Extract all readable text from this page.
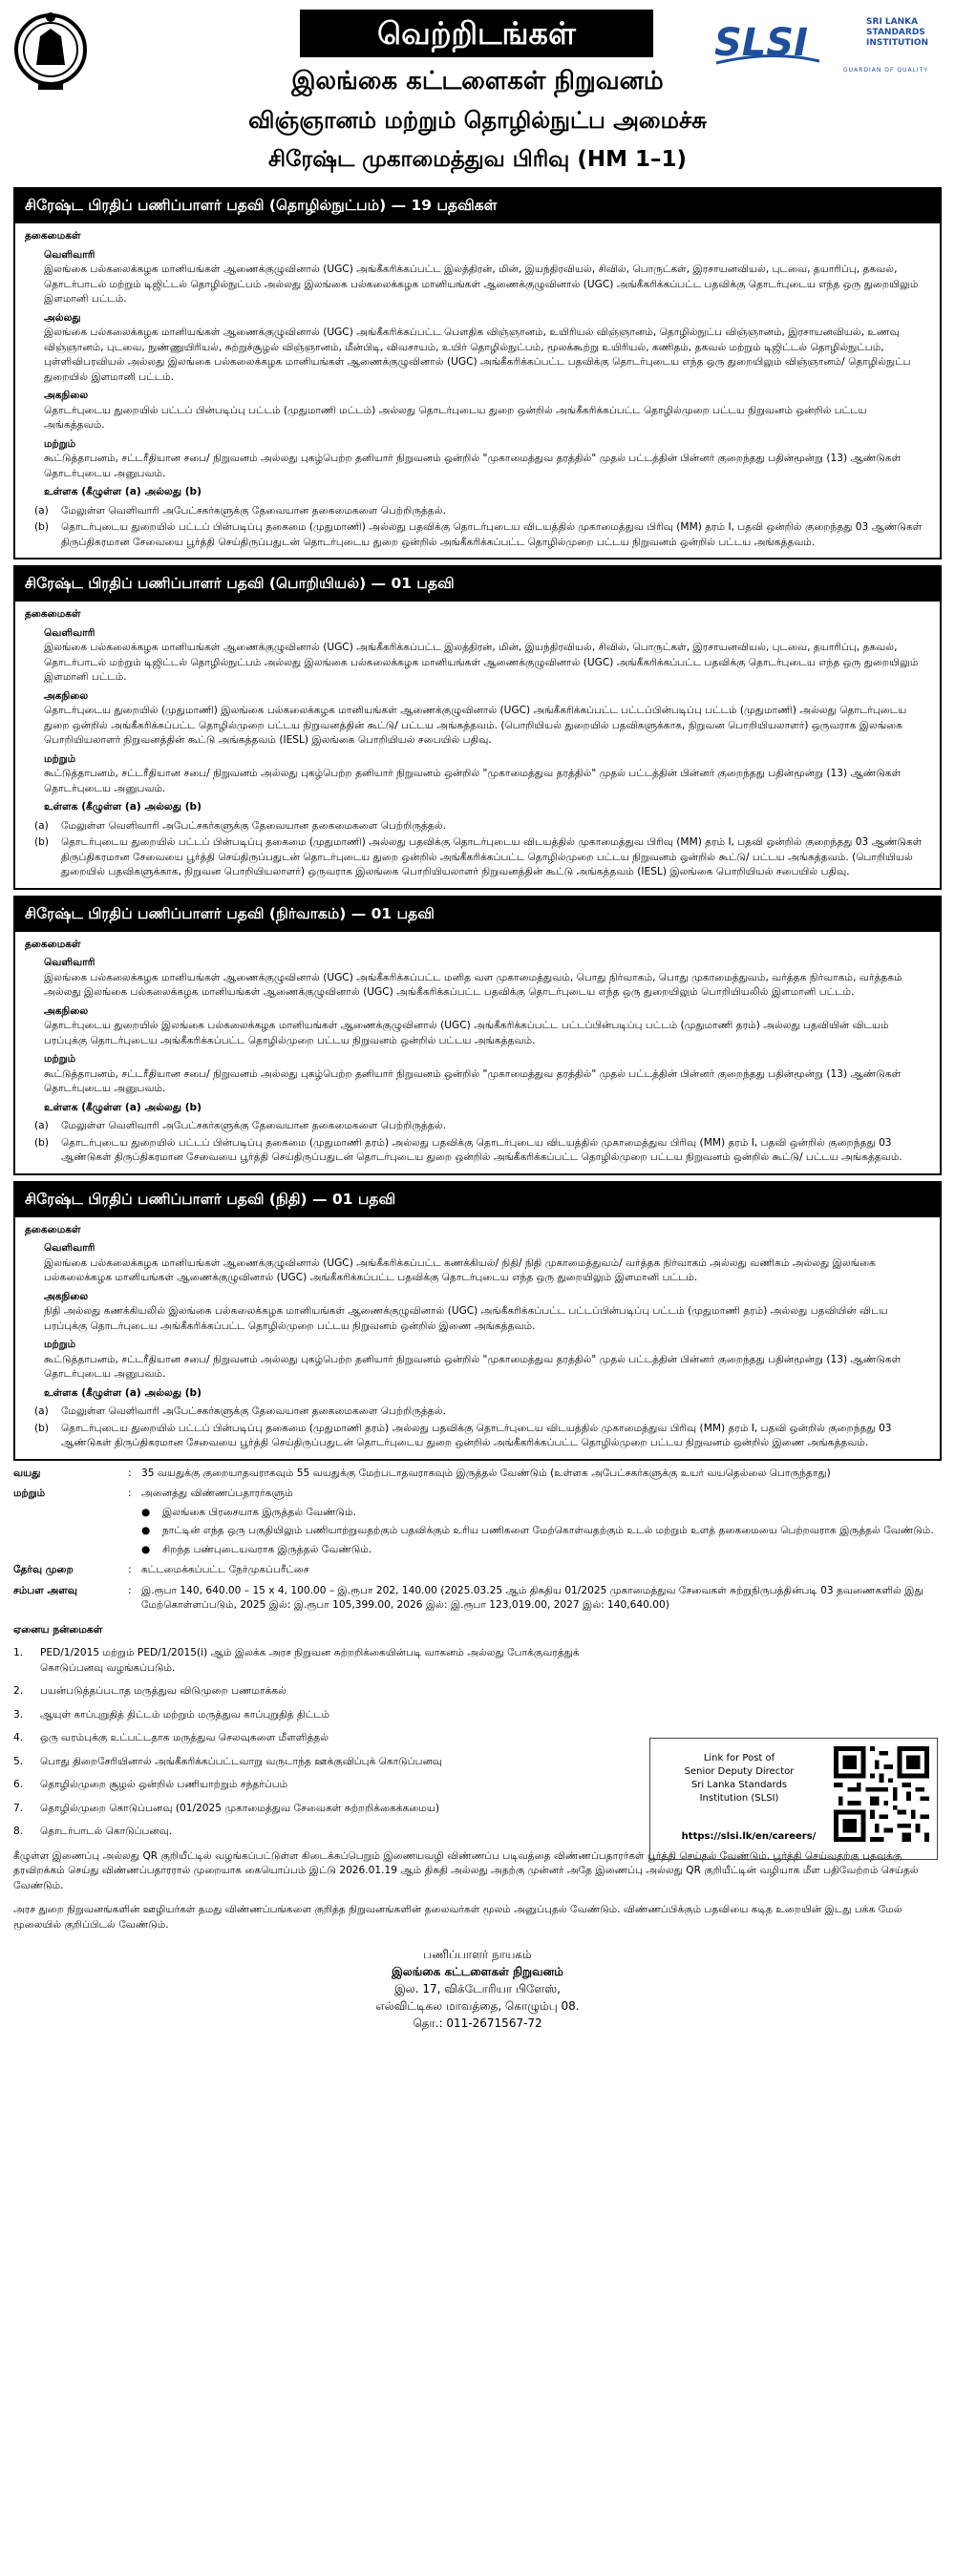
வெற்றிடங்கள்	SLSI	SRI LANKA
STANDARDS
INSTITUTION
GUARDIAN OF QUALITY
இலங்கை கட்டளைகள் நிறுவனம்
விஞ்ஞானம் மற்றும் தொழில்நுட்ப அமைச்சு
சிரேஷ்ட முகாமைத்துவ பிரிவு (HM 1–1)
சிரேஷ்ட பிரதிப் பணிப்பாளர் பதவி (தொழில்நுட்பம்) — 19 பதவிகள்
தகைமைகள்
வெளிவாரி
இலங்கை பல்கலைக்கழக மானியங்கள் ஆணைக்குழுவினால் (UGC) அங்கீகரிக்கப்பட்ட இலத்திரன், மின், இயந்திரவியல், சிவில், பொருட்கள், இரசாயனவியல், புடவை, தயாரிப்பு, தகவல், தொடர்பாடல் மற்றும் டிஜிட்டல் தொழில்நுட்பம் அல்லது இலங்கை பல்கலைக்கழக மானியங்கள் ஆணைக்குழுவினால் (UGC) அங்கீகரிக்கப்பட்ட பதவிக்கு தொடர்புடைய எந்த ஒரு துறையிலும் இளமானி பட்டம்.
அல்லது
இலங்கை பல்கலைக்கழக மானியங்கள் ஆணைக்குழுவினால் (UGC) அங்கீகரிக்கப்பட்ட பௌதிக விஞ்ஞானம், உயிரியல் விஞ்ஞானம், தொழில்நுட்ப விஞ்ஞானம், இரசாயனவியல், உணவு விஞ்ஞானம், புடவை, நுண்ணுயிரியல், சுற்றுச்சூழல் விஞ்ஞானம், மீன்பிடி, விவசாயம், உயிர் தொழில்நுட்பம், மூலக்கூற்று உயிரியல், கணிதம், தகவல் மற்றும் டிஜிட்டல் தொழில்நுட்பம், புள்ளிவிபரவியல் அல்லது இலங்கை பல்கலைக்கழக மானியங்கள் ஆணைக்குழுவினால் (UGC) அங்கீகரிக்கப்பட்ட பதவிக்கு தொடர்புடைய எந்த ஒரு துறையிலும் விஞ்ஞானம்/ தொழில்நுட்ப துறையில் இளமானி பட்டம்.
அகநிலை
தொடர்புடைய துறையில் பட்டப் பின்படிப்பு பட்டம் (முதுமாணி மட்டம்) அல்லது தொடர்புடைய துறை ஒன்றில் அங்கீகரிக்கப்பட்ட தொழில்முறை பட்டய நிறுவனம் ஒன்றில் பட்டய அங்கத்தவம்.
மற்றும்
கூட்டுத்தாபனம், சட்டரீதியான சபை/ நிறுவனம் அல்லது புகழ்பெற்ற தனியார் நிறுவனம் ஒன்றில் "முகாமைத்துவ தரத்தில்" முதல் பட்டத்தின் பின்னர் குறைந்தது பதின்மூன்று (13) ஆண்டுகள் தொடர்புடைய அனுபவம்.
உள்ளக (கீழுள்ள (a) அல்லது (b)
(a)	மேலுள்ள வெளிவாரி அபேட்சகர்களுக்கு தேவையான தகைமைகளை பெற்றிருத்தல்.
(b)	தொடர்புடைய துறையில் பட்டப் பின்படிப்பு தகைமை (முதுமாணி) அல்லது பதவிக்கு தொடர்புடைய விடயத்தில் முகாமைத்துவ பிரிவு (MM) தரம் I, பதவி ஒன்றில் குறைந்தது 03 ஆண்டுகள் திருப்திகரமான சேவையை பூர்த்தி செய்திருப்பதுடன் தொடர்புடைய துறை ஒன்றில் அங்கீகரிக்கப்பட்ட தொழில்முறை பட்டய நிறுவனம் ஒன்றில் பட்டய அங்கத்தவம்.
சிரேஷ்ட பிரதிப் பணிப்பாளர் பதவி (பொறியியல்) — 01 பதவி
தகைமைகள்
வெளிவாரி
இலங்கை பல்கலைக்கழக மானியங்கள் ஆணைக்குழுவினால் (UGC) அங்கீகரிக்கப்பட்ட இலத்திரன், மின், இயந்திரவியல், சிவில், பொருட்கள், இரசாயனவியல், புடவை, தயாரிப்பு, தகவல், தொடர்பாடல் மற்றும் டிஜிட்டல் தொழில்நுட்பம் அல்லது இலங்கை பல்கலைக்கழக மானியங்கள் ஆணைக்குழுவினால் (UGC) அங்கீகரிக்கப்பட்ட பதவிக்கு தொடர்புடைய எந்த ஒரு துறையிலும் இளமானி பட்டம்.
அகநிலை
தொடர்புடைய துறையில் (முதுமாணி) இலங்கை பல்கலைக்கழக மானியங்கள் ஆணைக்குழுவினால் (UGC) அங்கீகரிக்கப்பட்ட பட்டப்பின்படிப்பு பட்டம் (முதுமாணி) அல்லது தொடர்புடைய துறை ஒன்றில் அங்கீகரிக்கப்பட்ட தொழில்முறை பட்டய நிறுவனத்தின் கூட்டு/ பட்டய அங்கத்தவம். (பொறியியல் துறையில் பதவிகளுக்காக, நிறுவன பொறியியலாளர்) ஒருவராக இலங்கை பொறியியலாளர் நிறுவனத்தின் கூட்டு அங்கத்தவம் (IESL) இலங்கை பொறியியல் சபையில் பதிவு.
மற்றும்
கூட்டுத்தாபனம், சட்டரீதியான சபை/ நிறுவனம் அல்லது புகழ்பெற்ற தனியார் நிறுவனம் ஒன்றில் "முகாமைத்துவ தரத்தில்" முதல் பட்டத்தின் பின்னர் குறைந்தது பதின்மூன்று (13) ஆண்டுகள் தொடர்புடைய அனுபவம்.
உள்ளக (கீழுள்ள (a) அல்லது (b)
(a)	மேலுள்ள வெளிவாரி அபேட்சகர்களுக்கு தேவையான தகைமைகளை பெற்றிருத்தல்.
(b)	தொடர்புடைய துறையில் பட்டப் பின்படிப்பு தகைமை (முதுமாணி) அல்லது பதவிக்கு தொடர்புடைய விடயத்தில் முகாமைத்துவ பிரிவு (MM) தரம் I, பதவி ஒன்றில் குறைந்தது 03 ஆண்டுகள் திருப்திகரமான சேவையை பூர்த்தி செய்திருப்பதுடன் தொடர்புடைய துறை ஒன்றில் அங்கீகரிக்கப்பட்ட தொழில்முறை பட்டய நிறுவனம் ஒன்றில் கூட்டு/ பட்டய அங்கத்தவம். (பொறியியல் துறையில் பதவிகளுக்காக, நிறுவன பொறியியலாளர்) ஒருவராக இலங்கை பொறியியலாளர் நிறுவனத்தின் கூட்டு அங்கத்தவம் (IESL) இலங்கை பொறியியல் சபையில் பதிவு.
சிரேஷ்ட பிரதிப் பணிப்பாளர் பதவி (நிர்வாகம்) — 01 பதவி
தகைமைகள்
வெளிவாரி
இலங்கை பல்கலைக்கழக மானியங்கள் ஆணைக்குழுவினால் (UGC) அங்கீகரிக்கப்பட்ட மனித வள முகாமைத்துவம், பொது நிர்வாகம், பொது முகாமைத்துவம், வர்த்தக நிர்வாகம், வர்த்தகம் அல்லது இலங்கை பல்கலைக்கழக மானியங்கள் ஆணைக்குழுவினால் (UGC) அங்கீகரிக்கப்பட்ட பதவிக்கு தொடர்புடைய எந்த ஒரு துறையிலும் பொறியியலில் இளமானி பட்டம்.
அகநிலை
தொடர்புடைய துறையில் இலங்கை பல்கலைக்கழக மானியங்கள் ஆணைக்குழுவினால் (UGC) அங்கீகரிக்கப்பட்ட பட்டப்பின்படிப்பு பட்டம் (முதுமாணி தரம்) அல்லது பதவியின் விடயம் பரப்புக்கு தொடர்புடைய அங்கீகரிக்கப்பட்ட தொழில்முறை பட்டய நிறுவனம் ஒன்றில் பட்டய அங்கத்தவம்.
மற்றும்
கூட்டுத்தாபனம், சட்டரீதியான சபை/ நிறுவனம் அல்லது புகழ்பெற்ற தனியார் நிறுவனம் ஒன்றில் "முகாமைத்துவ தரத்தில்" முதல் பட்டத்தின் பின்னர் குறைந்தது பதின்மூன்று (13) ஆண்டுகள் தொடர்புடைய அனுபவம்.
உள்ளக (கீழுள்ள (a) அல்லது (b)
(a)	மேலுள்ள வெளிவாரி அபேட்சகர்களுக்கு தேவையான தகைமைகளை பெற்றிருத்தல்.
(b)	தொடர்புடைய துறையில் பட்டப் பின்படிப்பு தகைமை (முதுமாணி தரம்) அல்லது பதவிக்கு தொடர்புடைய விடயத்தில் முகாமைத்துவ பிரிவு (MM) தரம் I, பதவி ஒன்றில் குறைந்தது 03 ஆண்டுகள் திருப்திகரமான சேவையை பூர்த்தி செய்திருப்பதுடன் தொடர்புடைய துறை ஒன்றில் அங்கீகரிக்கப்பட்ட தொழில்முறை பட்டய நிறுவனம் ஒன்றில் கூட்டு/ பட்டய அங்கத்தவம்.
சிரேஷ்ட பிரதிப் பணிப்பாளர் பதவி (நிதி) — 01 பதவி
தகைமைகள்
வெளிவாரி
இலங்கை பல்கலைக்கழக மானியங்கள் ஆணைக்குழுவினால் (UGC) அங்கீகரிக்கப்பட்ட கணக்கியல்/ நிதி/ நிதி முகாமைத்துவம்/ வர்த்தக நிர்வாகம் அல்லது வணிகம் அல்லது இலங்கை பல்கலைக்கழக மானியங்கள் ஆணைக்குழுவினால் (UGC) அங்கீகரிக்கப்பட்ட பதவிக்கு தொடர்புடைய எந்த ஒரு துறையிலும் இளமானி பட்டம்.
அகநிலை
நிதி அல்லது கணக்கியலில் இலங்கை பல்கலைக்கழக மானியங்கள் ஆணைக்குழுவினால் (UGC) அங்கீகரிக்கப்பட்ட பட்டப்பின்படிப்பு பட்டம் (முதுமாணி தரம்) அல்லது பதவியின் விடய பரப்புக்கு தொடர்புடைய அங்கீகரிக்கப்பட்ட தொழில்முறை பட்டய நிறுவனம் ஒன்றில் இணை அங்கத்தவம்.
மற்றும்
கூட்டுத்தாபனம், சட்டரீதியான சபை/ நிறுவனம் அல்லது புகழ்பெற்ற தனியார் நிறுவனம் ஒன்றில் "முகாமைத்துவ தரத்தில்" முதல் பட்டத்தின் பின்னர் குறைந்தது பதின்மூன்று (13) ஆண்டுகள் தொடர்புடைய அனுபவம்.
உள்ளக (கீழுள்ள (a) அல்லது (b)
(a)	மேலுள்ள வெளிவாரி அபேட்சகர்களுக்கு தேவையான தகைமைகளை பெற்றிருத்தல்.
(b)	தொடர்புடைய துறையில் பட்டப் பின்படிப்பு தகைமை (முதுமாணி தரம்) அல்லது பதவிக்கு தொடர்புடைய விடயத்தில் முகாமைத்துவ பிரிவு (MM) தரம் I, பதவி ஒன்றில் குறைந்தது 03 ஆண்டுகள் திருப்திகரமான சேவையை பூர்த்தி செய்திருப்பதுடன் தொடர்புடைய துறை ஒன்றில் அங்கீகரிக்கப்பட்ட தொழில்முறை பட்டய நிறுவனம் ஒன்றில் இணை அங்கத்தவம்.
வயது	: 35 வயதுக்கு குறையாதவராகவும் 55 வயதுக்கு மேற்படாதவராகவும் இருத்தல் வேண்டும் (உள்ளக அபேட்சகர்களுக்கு உயர் வயதெல்லை பொருந்தாது)
மற்றும்	: அனைத்து விண்ணப்பதாரர்களும்
●	இலங்கை பிரசையாக இருத்தல் வேண்டும்.
●	நாட்டின் எந்த ஒரு பகுதியிலும் பணியாற்றுவதற்கும் பதவிக்கும் உரிய பணிகளை மேற்கொள்வதற்கும் உடல் மற்றும் உளத் தகைமையை பெற்றவராக இருத்தல் வேண்டும்.
●	சிறந்த பண்புடையவராக இருத்தல் வேண்டும்.
தேர்வு முறை	: கட்டமைக்கப்பட்ட நேர்முகப்பரீட்சை
சம்பள அளவு	: இ.ரூபா 140, 640.00 – 15 x 4, 100.00 – இ.ரூபா 202, 140.00 (2025.03.25 ஆம் திகதிய 01/2025 முகாமைத்துவ சேவைகள் சுற்றுநிருபத்தின்படி 03 தவணைகளில் இது மேற்கொள்ளப்படும், 2025 இல்: இ.ரூபா 105,399.00, 2026 இல்: இ.ரூபா 123,019.00, 2027 இல்: 140,640.00)
ஏனைய நன்மைகள்
1.	PED/1/2015 மற்றும் PED/1/2015(i) ஆம் இலக்க அரச நிறுவன சுற்றறிக்கையின்படி வாகனம் அல்லது போக்குவரத்துக் கொடுப்பனவு வழங்கப்படும்.
2.	பயன்படுத்தப்படாத மருத்துவ விடுமுறை பணமாக்கல்
3.	ஆயுள் காப்புறுதித் திட்டம் மற்றும் மருத்துவ காப்புறுதித் திட்டம்
4.	ஒரு வரம்புக்கு உட்பட்டதாக மருத்துவ செலவுகளை மீளளித்தல்
5.	பொது திறைசேரியினால் அங்கீகரிக்கப்பட்டவாறு வருடாந்த ஊக்குவிப்புக் கொடுப்பனவு
6.	தொழில்முறை சூழல் ஒன்றில் பணியாற்றும் சந்தர்ப்பம்
7.	தொழில்முறை கொடுப்பனவு (01/2025 முகாமைத்துவ சேவைகள் சுற்றறிக்கைக்கமைய)
8.	தொடர்பாடல் கொடுப்பனவு.
Link for Post of
Senior Deputy Director
Sri Lanka Standards
Institution (SLSI)
https://slsi.lk/en/careers/
கீழுள்ள இணைப்பு அல்லது QR குறியீட்டில் வழங்கப்பட்டுள்ள கிடைக்கப்பெறும் இணையவழி விண்ணப்ப படிவத்தை விண்ணப்பதாரர்கள் பூர்த்தி செய்தல் வேண்டும். பூர்த்தி செய்வதற்கு பதவுக்கு தரவிறக்கம் செய்து விண்ணப்பதாரரால் முறையாக கையொப்பம் இட்டு 2026.01.19 ஆம் திகதி அல்லது அதற்கு முன்னர் அதே இணைப்பு அல்லது QR குறியீட்டின் வழியாக மீள பதிவேற்றம் செய்தல் வேண்டும்.
அரச துறை நிறுவனங்களின் ஊழியர்கள் தமது விண்ணப்பங்களை குறித்த நிறுவனங்களின் தலைவர்கள் மூலம் அனுப்புதல் வேண்டும். விண்ணப்பிக்கும் பதவியை கடித உறையின் இடது பக்க மேல் மூலையில் குறிப்பிடல் வேண்டும்.
பணிப்பாளர் நாயகம்
இலங்கை கட்டளைகள் நிறுவனம்
இல. 17, விக்டோரியா பிளேஸ்,
எல்விட்டிகல மாவத்தை, கொழும்பு 08.
தொ.: 011-2671567-72
